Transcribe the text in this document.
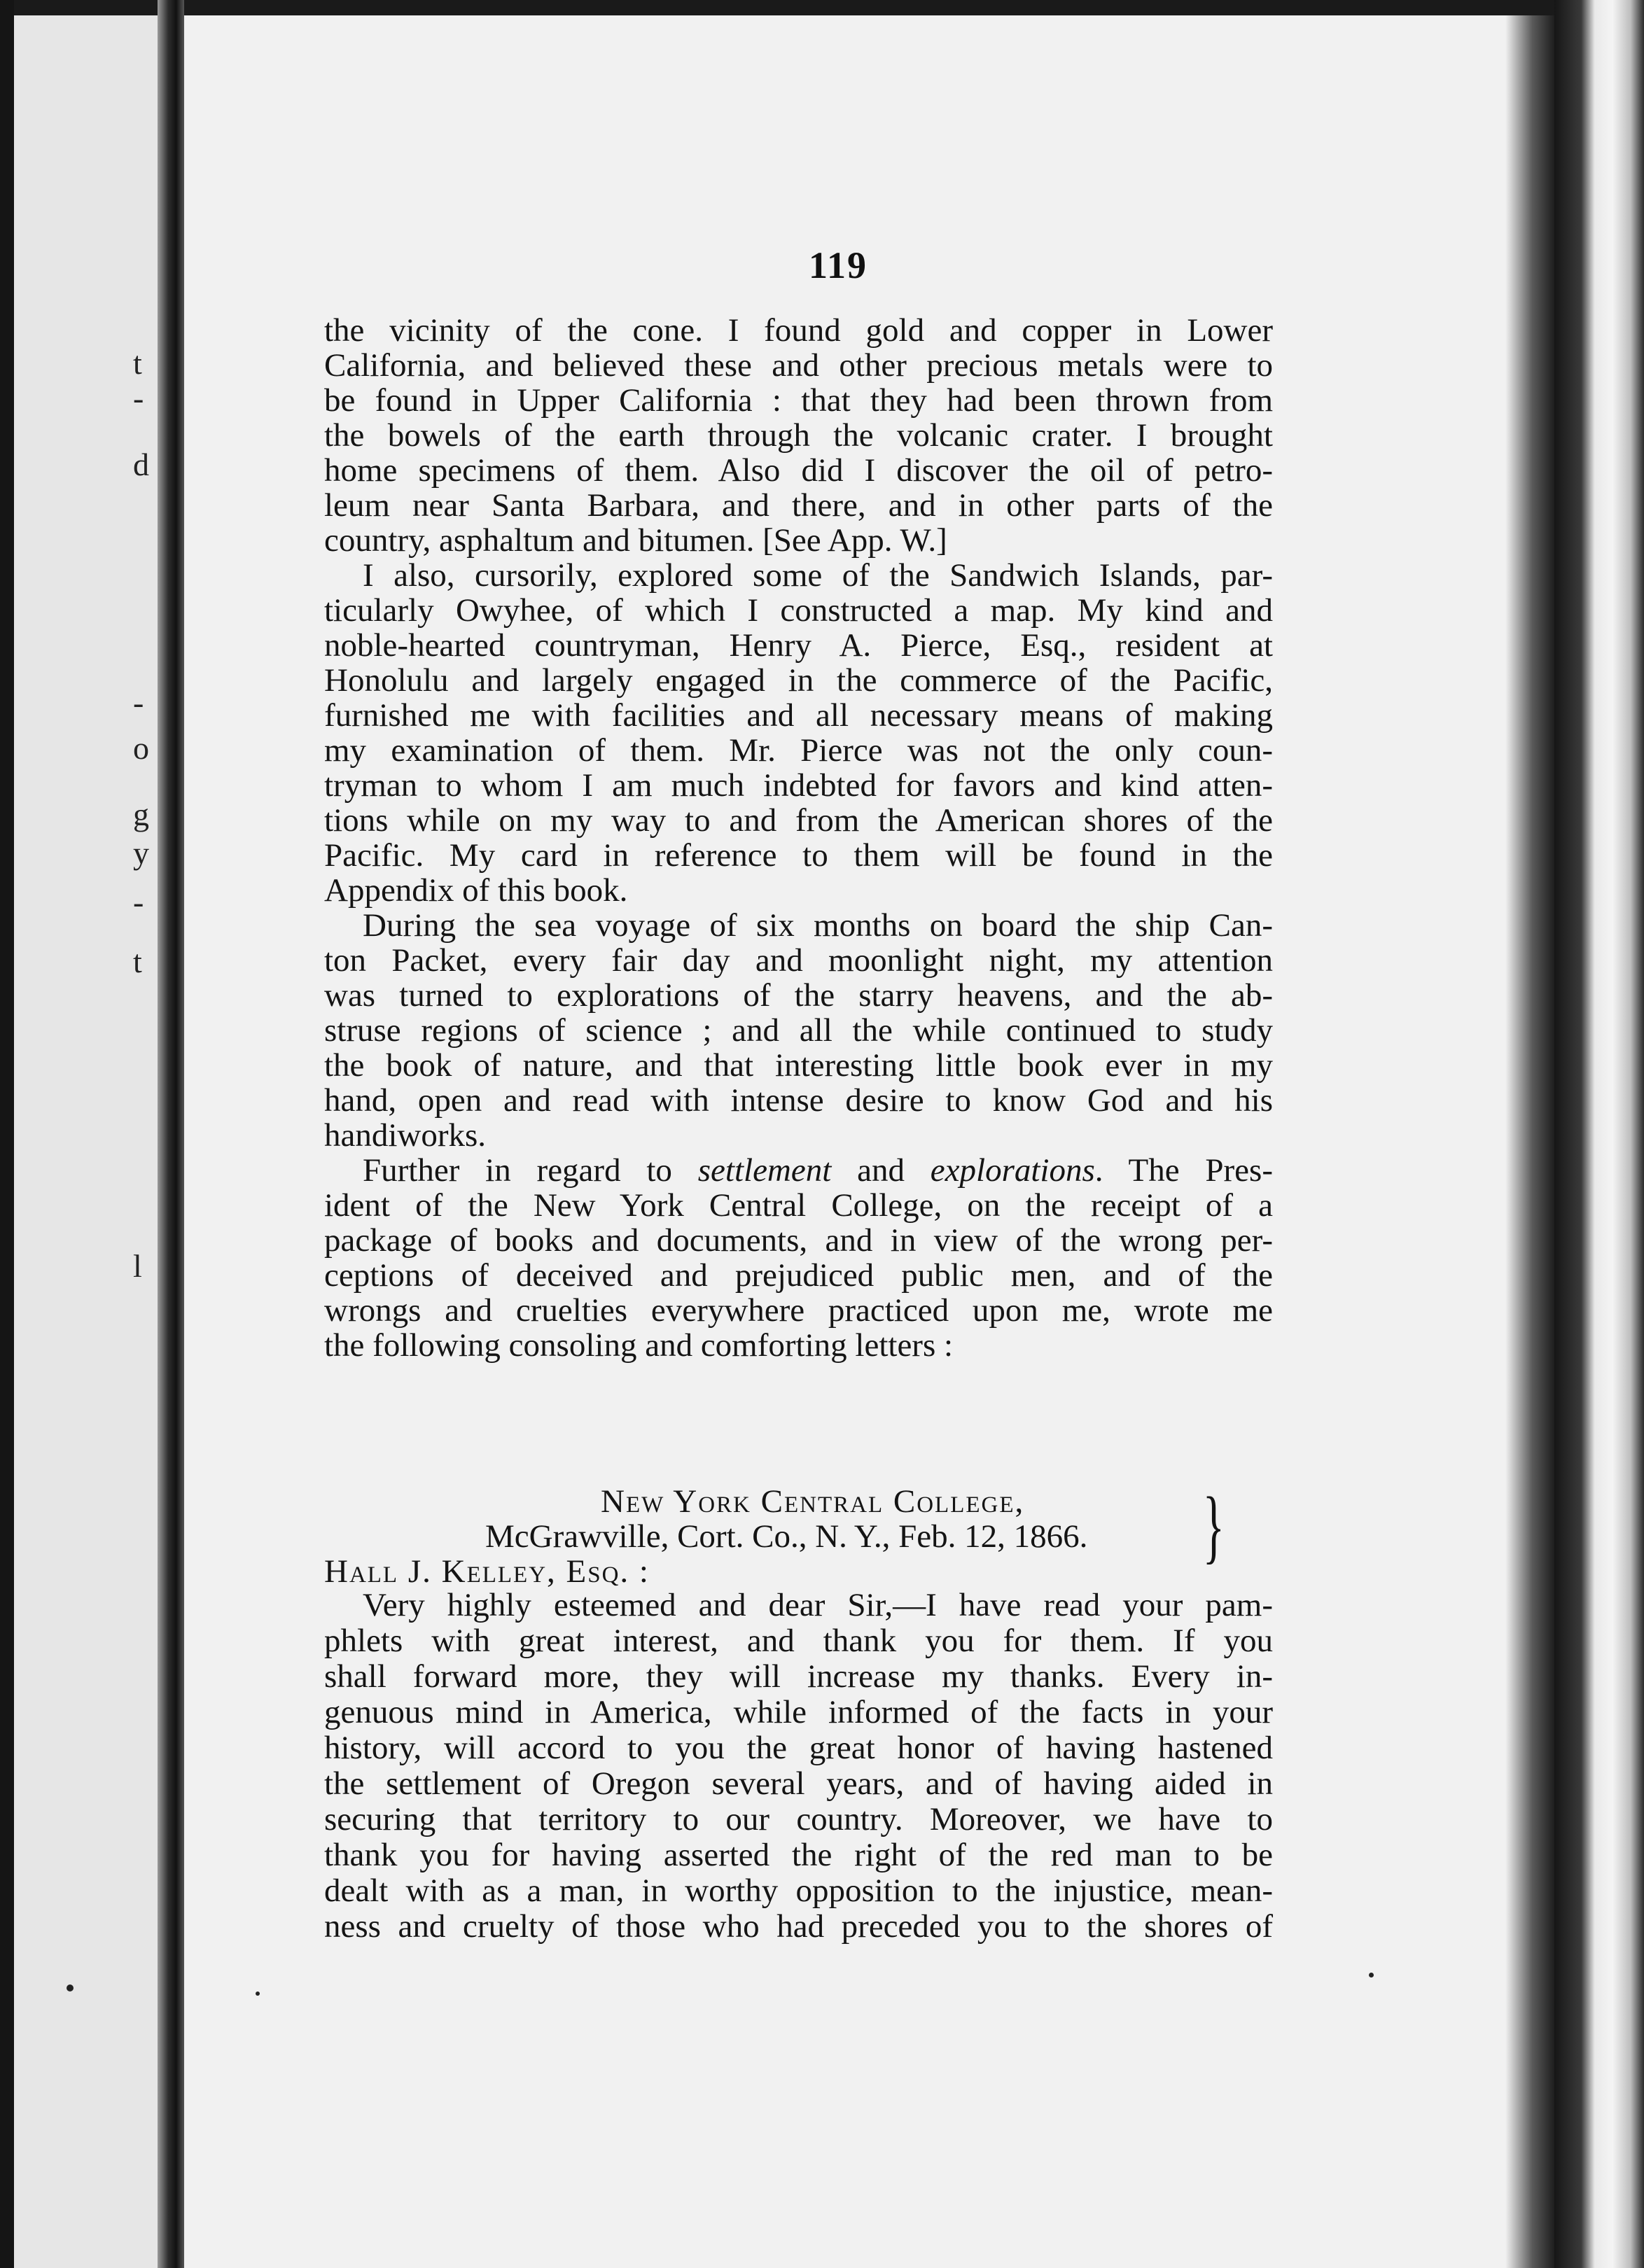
t
-
d
-
o
g
y
-
t
l
119
the vicinity of the cone. I found gold and copper in Lower
California, and believed these and other precious metals were to
be found in Upper California : that they had been thrown from
the bowels of the earth through the volcanic crater. I brought
home specimens of them. Also did I discover the oil of petro-
leum near Santa Barbara, and there, and in other parts of the
country, asphaltum and bitumen. [See App. W.]
I also, cursorily, explored some of the Sandwich Islands, par-
ticularly Owyhee, of which I constructed a map. My kind and
noble-hearted countryman, Henry A. Pierce, Esq., resident at
Honolulu and largely engaged in the commerce of the Pacific,
furnished me with facilities and all necessary means of making
my examination of them. Mr. Pierce was not the only coun-
tryman to whom I am much indebted for favors and kind atten-
tions while on my way to and from the American shores of the
Pacific. My card in reference to them will be found in the
Appendix of this book.
During the sea voyage of six months on board the ship Can-
ton Packet, every fair day and moonlight night, my attention
was turned to explorations of the starry heavens, and the ab-
struse regions of science ; and all the while continued to study
the book of nature, and that interesting little book ever in my
hand, open and read with intense desire to know God and his
handiworks.
Further in regard to settlement and explorations. The Pres-
ident of the New York Central College, on the receipt of a
package of books and documents, and in view of the wrong per-
ceptions of deceived and prejudiced public men, and of the
wrongs and cruelties everywhere practiced upon me, wrote me
the following consoling and comforting letters :
New York Central College,
McGrawville, Cort. Co., N. Y., Feb. 12, 1866.
Hall J. Kelley, Esq. :	}
Very highly esteemed and dear Sir,—I have read your pam-
phlets with great interest, and thank you for them. If you
shall forward more, they will increase my thanks. Every in-
genuous mind in America, while informed of the facts in your
history, will accord to you the great honor of having hastened
the settlement of Oregon several years, and of having aided in
securing that territory to our country. Moreover, we have to
thank you for having asserted the right of the red man to be
dealt with as a man, in worthy opposition to the injustice, mean-
ness and cruelty of those who had preceded you to the shores of
